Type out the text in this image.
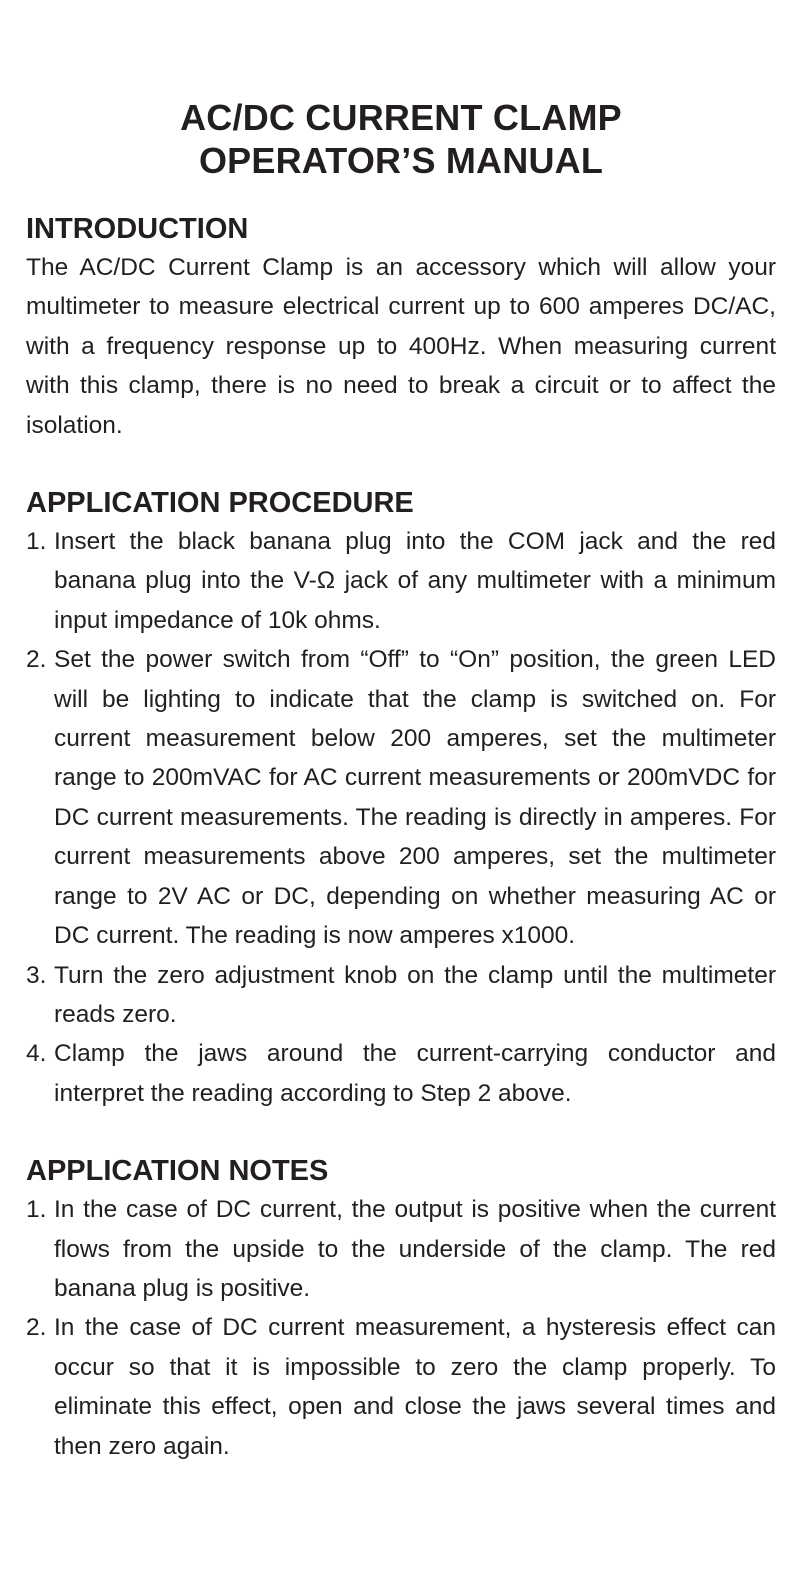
AC/DC CURRENT CLAMP
OPERATOR’S MANUAL
INTRODUCTION

The AC/DC Current Clamp is an accessory which will allow your multimeter to measure electrical current up to 600 amperes DC/AC, with a frequency response up to 400Hz. When measuring current with this clamp, there is no need to break a circuit or to affect the isolation.

APPLICATION PROCEDURE
1. Insert the black banana plug into the COM jack and the red banana plug into the V-Ω jack of any multimeter with a minimum input impedance of 10k ohms.
2. Set the power switch from “Off” to “On” position, the green LED will be lighting to indicate that the clamp is switched on. For current measurement below 200 amperes, set the multimeter range to 200mVAC for AC current measurements or 200mVDC for DC current measurements. The reading is directly in amperes. For current measurements above 200 amperes, set the multimeter range to 2V AC or DC, depending on whether measuring AC or DC current. The reading is now amperes x1000.
3. Turn the zero adjustment knob on the clamp until the multimeter reads zero.
4. Clamp the jaws around the current-carrying conductor and interpret the reading according to Step 2 above.
APPLICATION NOTES
1. In the case of DC current, the output is positive when the current flows from the upside to the underside of the clamp. The red banana plug is positive.
2. In the case of DC current measurement, a hysteresis effect can occur so that it is impossible to zero the clamp properly. To eliminate this effect, open and close the jaws several times and then zero again.
